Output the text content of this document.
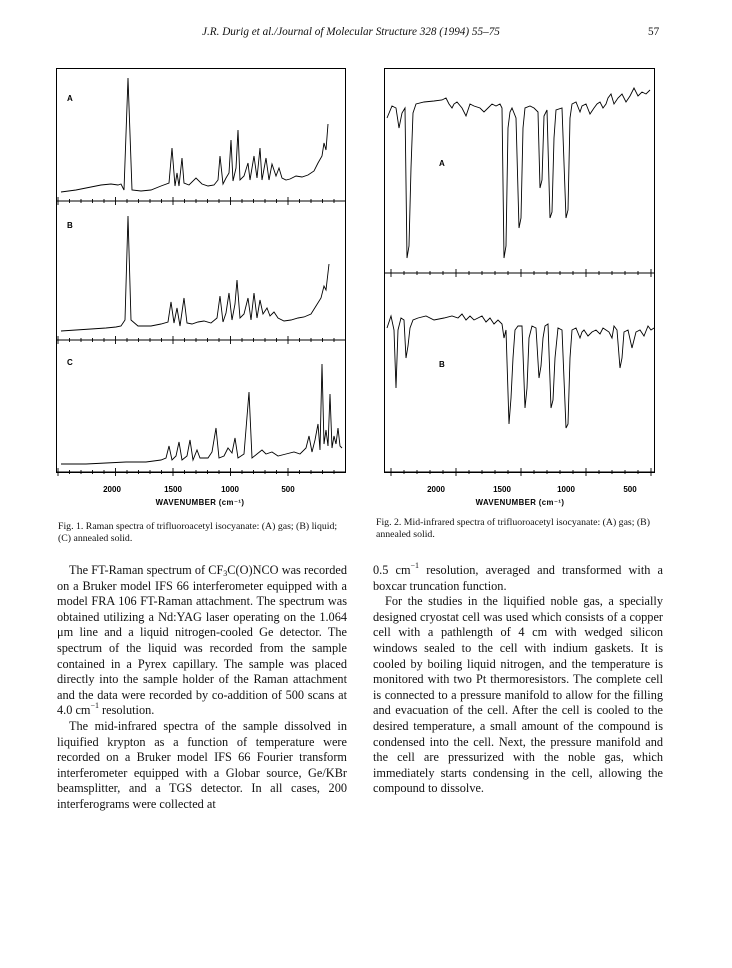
J.R. Durig et al./Journal of Molecular Structure 328 (1994) 55–75	57
A
B
C
2000	1500	1000	500
WAVENUMBER (cm⁻¹)
Fig. 1. Raman spectra of trifluoroacetyl isocyanate: (A) gas; (B) liquid; (C) annealed solid.
A
B
2000	1500	1000	500
WAVENUMBER (cm⁻¹)
Fig. 2. Mid-infrared spectra of trifluoroacetyl isocyanate: (A) gas; (B) annealed solid.

The FT-Raman spectrum of $CF_3C(O)NCO$ was recorded on a Bruker model IFS 66 interferometer equipped with a model FRA 106 FT-Raman attachment. The spectrum was obtained utilizing a Nd:YAG laser operating on the 1.064 μm line and a liquid nitrogen-cooled Ge detector. The spectrum of the liquid was recorded from the sample contained in a Pyrex capillary. The sample was placed directly into the sample holder of the Raman attachment and the data were recorded by co-addition of 500 scans at 4.0 $cm^{-1}$ resolution.

The mid-infrared spectra of the sample dissolved in liquified krypton as a function of temperature were recorded on a Bruker model IFS 66 Fourier transform interferometer equipped with a Globar source, Ge/KBr beamsplitter, and a TGS detector. In all cases, 200 interferograms were collected at

0.5 $cm^{-1}$ resolution, averaged and transformed with a boxcar truncation function.

For the studies in the liquified noble gas, a specially designed cryostat cell was used which consists of a copper cell with a pathlength of 4 cm with wedged silicon windows sealed to the cell with indium gaskets. It is cooled by boiling liquid nitrogen, and the temperature is monitored with two Pt thermoresistors. The complete cell is connected to a pressure manifold to allow for the filling and evacuation of the cell. After the cell is cooled to the desired temperature, a small amount of the compound is condensed into the cell. Next, the pressure manifold and the cell are pressurized with the noble gas, which immediately starts condensing in the cell, allowing the compound to dissolve.
